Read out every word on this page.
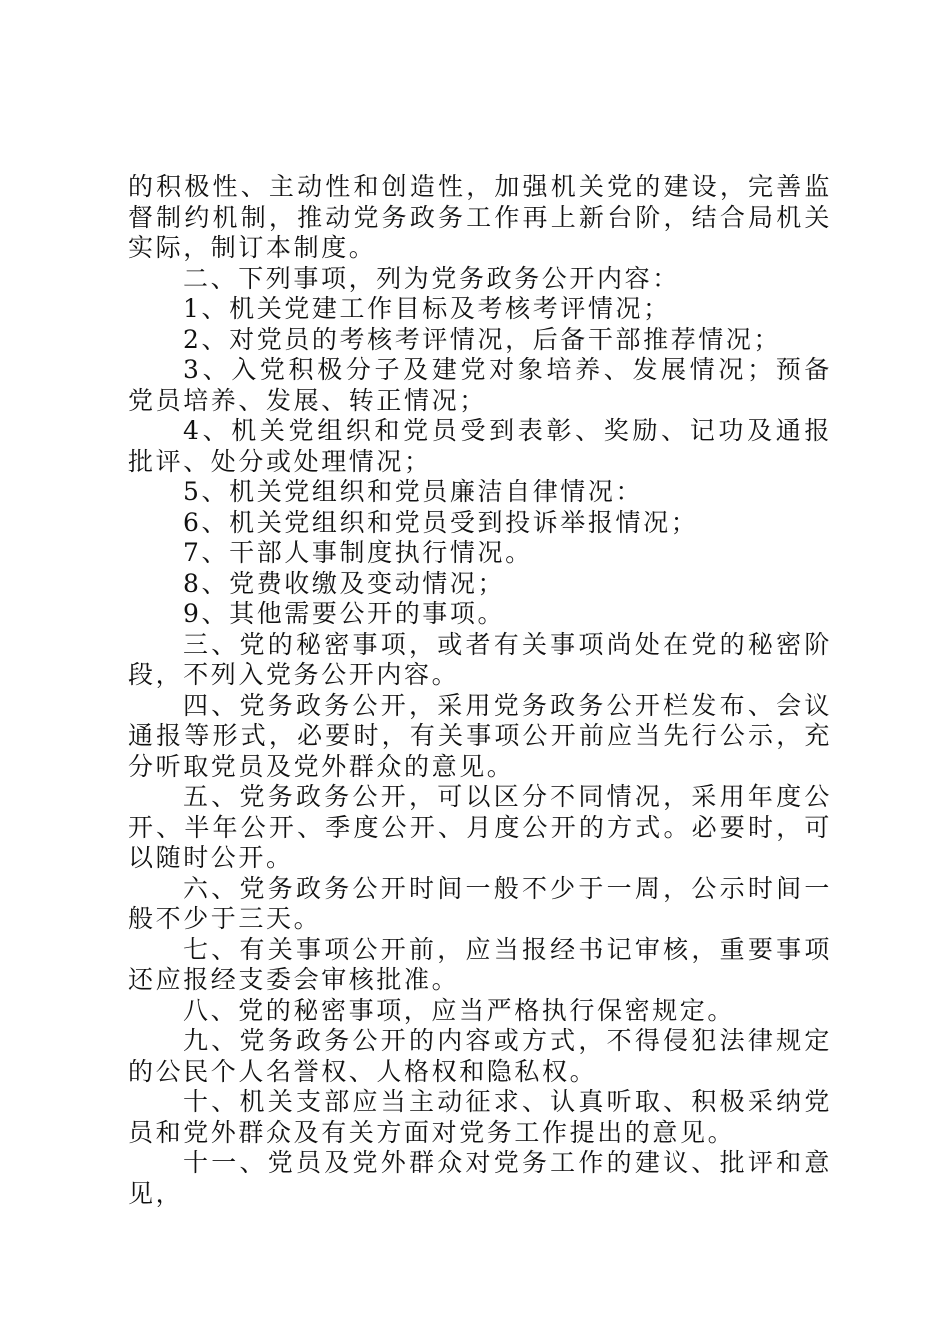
的积极性、主动性和创造性，加强机关党的建设，完善监督制约机制，推动党务政务工作再上新台阶，结合局机关实际，制订本制度。

二、下列事项，列为党务政务公开内容：

1、机关党建工作目标及考核考评情况；

2、对党员的考核考评情况，后备干部推荐情况；

3、入党积极分子及建党对象培养、发展情况；预备党员培养、发展、转正情况；

4、机关党组织和党员受到表彰、奖励、记功及通报批评、处分或处理情况；

5、机关党组织和党员廉洁自律情况：

6、机关党组织和党员受到投诉举报情况；

7、干部人事制度执行情况。

8、党费收缴及变动情况；

9、其他需要公开的事项。

三、党的秘密事项，或者有关事项尚处在党的秘密阶段，不列入党务公开内容。

四、党务政务公开，采用党务政务公开栏发布、会议通报等形式，必要时，有关事项公开前应当先行公示，充分听取党员及党外群众的意见。

五、党务政务公开，可以区分不同情况，采用年度公开、半年公开、季度公开、月度公开的方式。必要时，可以随时公开。

六、党务政务公开时间一般不少于一周，公示时间一般不少于三天。

七、有关事项公开前，应当报经书记审核，重要事项还应报经支委会审核批准。

八、党的秘密事项，应当严格执行保密规定。

九、党务政务公开的内容或方式，不得侵犯法律规定的公民个人名誉权、人格权和隐私权。

十、机关支部应当主动征求、认真听取、积极采纳党员和党外群众及有关方面对党务工作提出的意见。

十一、党员及党外群众对党务工作的建议、批评和意见，
